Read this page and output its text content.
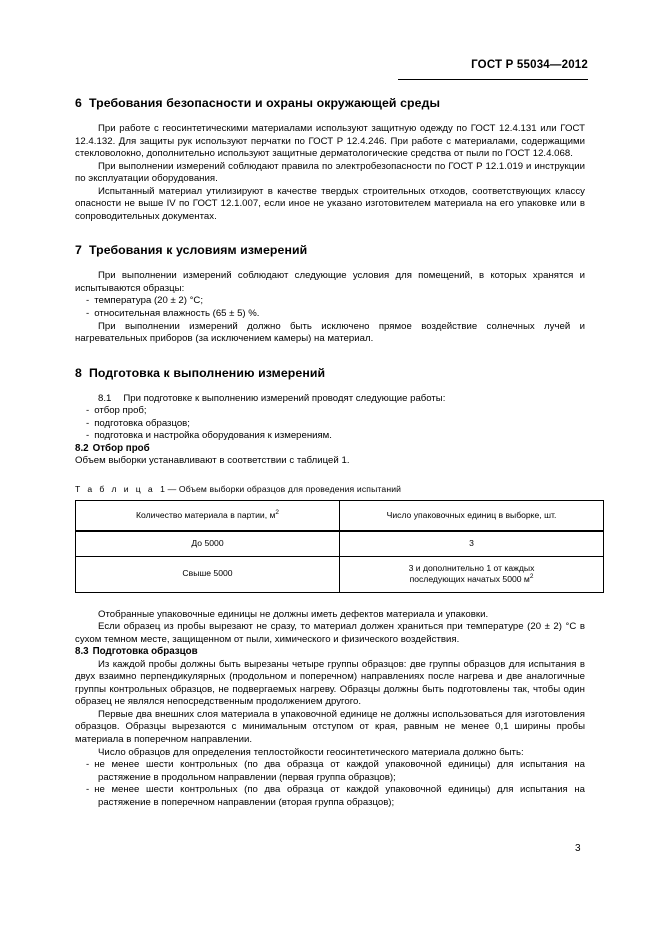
ГОСТ Р 55034—2012
6 Требования безопасности и охраны окружающей среды

При работе с геосинтетическими материалами используют защитную одежду по ГОСТ 12.4.131 или ГОСТ 12.4.132. Для защиты рук используют перчатки по ГОСТ Р 12.4.246. При работе с материалами, содержащими стекловолокно, дополнительно используют защитные дерматологические средства от пыли по ГОСТ 12.4.068.

При выполнении измерений соблюдают правила по электробезопасности по ГОСТ Р 12.1.019 и инструкции по эксплуатации оборудования.

Испытанный материал утилизируют в качестве твердых строительных отходов, соответствующих классу опасности не выше IV по ГОСТ 12.1.007, если иное не указано изготовителем материала на его упаковке или в сопроводительных документах.

7 Требования к условиям измерений

При выполнении измерений соблюдают следующие условия для помещений, в которых хранятся и испытываются образцы:

- температура (20 ± 2) °С;

- относительная влажность (65 ± 5) %.

При выполнении измерений должно быть исключено прямое воздействие солнечных лучей и нагревательных приборов (за исключением камеры) на материал.

8 Подготовка к выполнению измерений

8.1 При подготовке к выполнению измерений проводят следующие работы:

- отбор проб;

- подготовка образцов;

- подготовка и настройка оборудования к измерениям.

8.2 Отбор проб

Объем выборки устанавливают в соответствии с таблицей 1.

Т а б л и ц а 1 — Объем выборки образцов для проведения испытаний

Количество материала в партии, $м^2$	Число упаковочных единиц в выборке, шт.
До 5000	3
Свыше 5000	3 и дополнительно 1 от каждых
последующих начатых 5000 $м^2$

Отобранные упаковочные единицы не должны иметь дефектов материала и упаковки.

Если образец из пробы вырезают не сразу, то материал должен храниться при температуре (20 ± 2) °С в сухом темном месте, защищенном от пыли, химического и физического воздействия.

8.3 Подготовка образцов

Из каждой пробы должны быть вырезаны четыре группы образцов: две группы образцов для испытания в двух взаимно перпендикулярных (продольном и поперечном) направлениях после нагрева и две аналогичные группы контрольных образцов, не подвергаемых нагреву. Образцы должны быть подготовлены так, чтобы один образец не являлся непосредственным продолжением другого.

Первые два внешних слоя материала в упаковочной единице не должны использоваться для изготовления образцов. Образцы вырезаются с минимальным отступом от края, равным не менее 0,1 ширины пробы материала в поперечном направлении.

Число образцов для определения теплостойкости геосинтетического материала должно быть:

- не менее шести контрольных (по два образца от каждой упаковочной единицы) для испытания на растяжение в продольном направлении (первая группа образцов);

- не менее шести контрольных (по два образца от каждой упаковочной единицы) для испытания на растяжение в поперечном направлении (вторая группа образцов);

3
